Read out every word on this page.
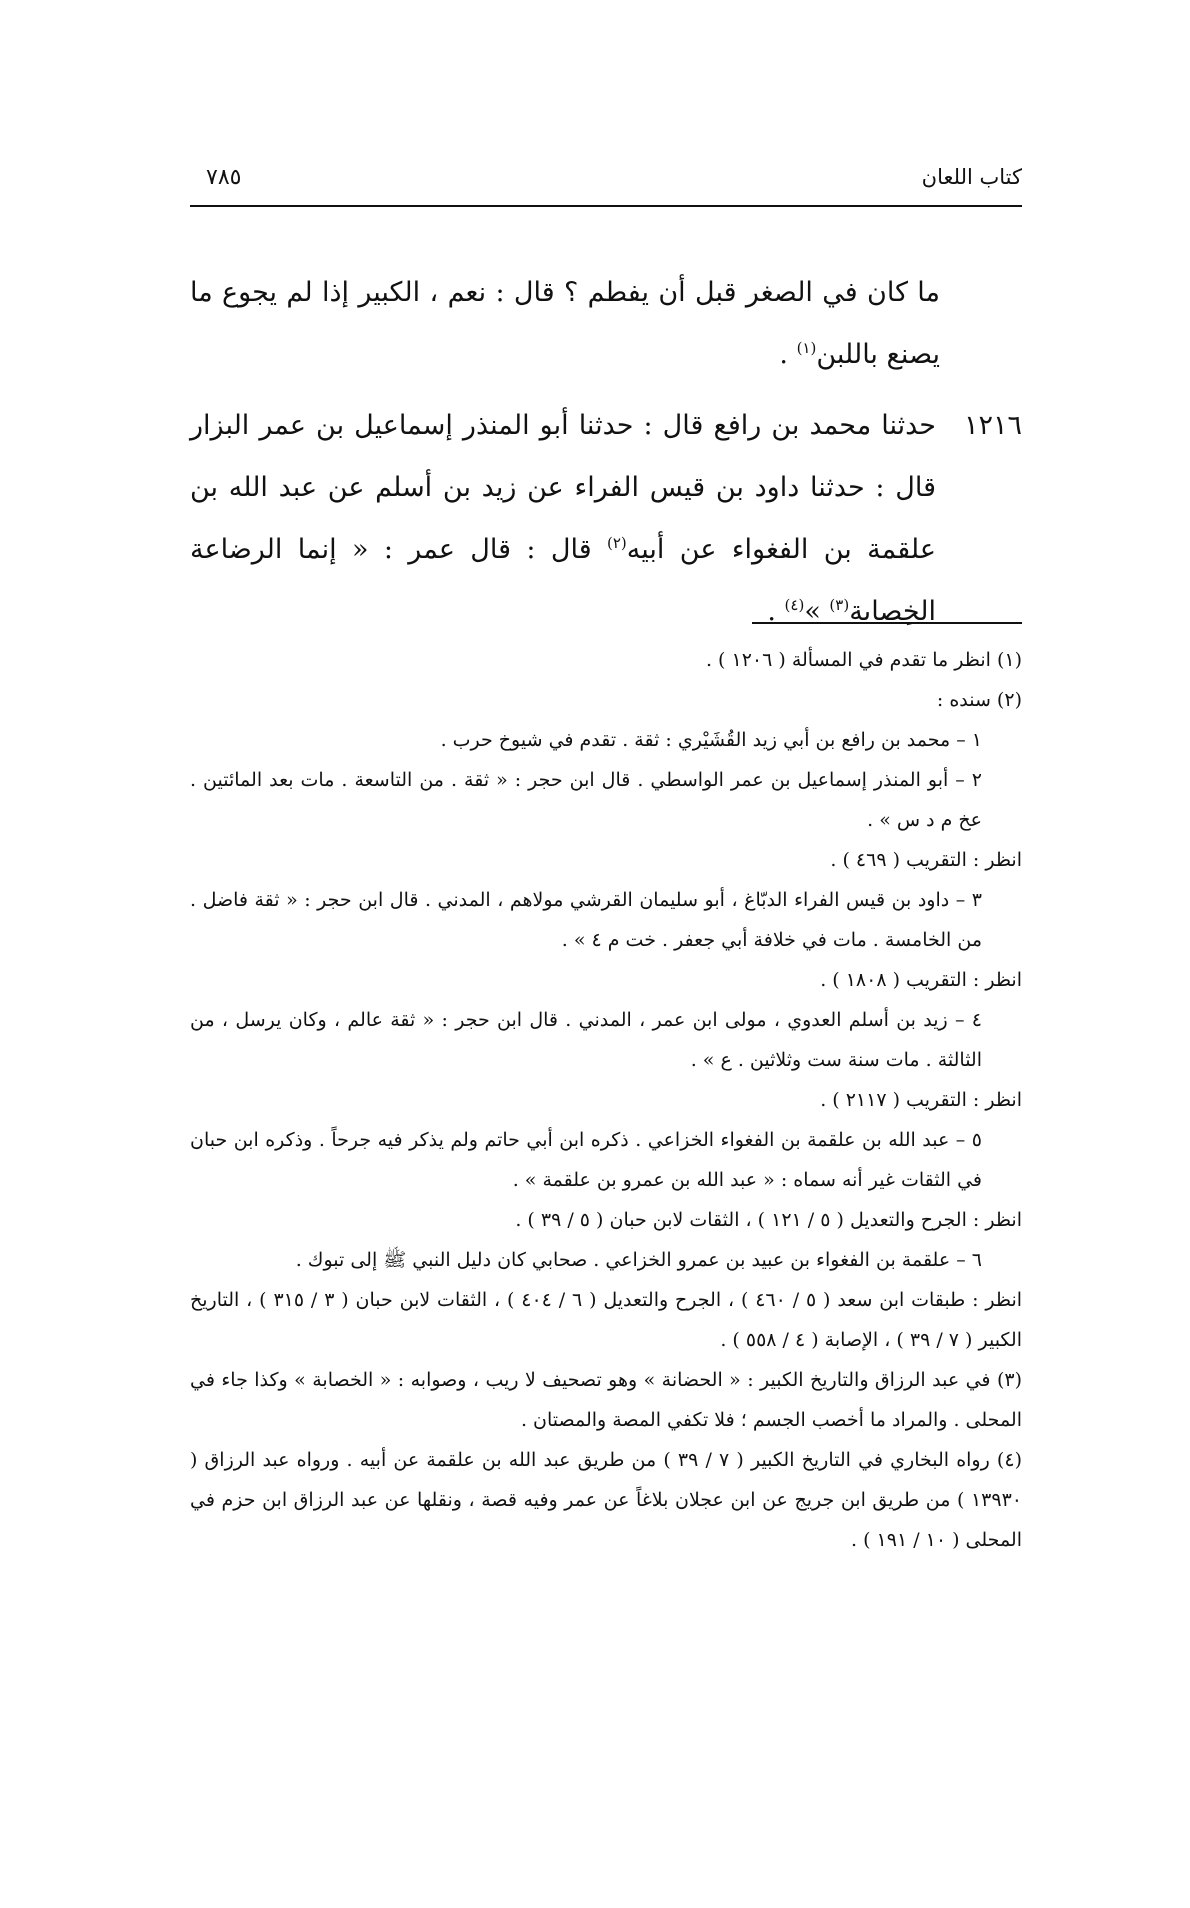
كتاب اللعان
٧٨٥

ما كان في الصغر قبل أن يفطم ؟ قال : نعم ، الكبير إذا لم يجوع ما يصنع باللبن$^{(١)}$ .

١٢١٦

حدثنا محمد بن رافع قال : حدثنا أبو المنذر إسماعيل بن عمر البزار قال : حدثنا داود بن قيس الفراء عن زيد بن أسلم عن عبد الله بن علقمة بن الفغواء عن أبيه$^{(٢)}$ قال : قال عمر : « إنما الرضاعة الخِصابة$^{(٣)}$ »$^{(٤)}$ .

(١) انظر ما تقدم في المسألة ( ١٢٠٦ ) .

(٢) سنده :

١ – محمد بن رافع بن أبي زيد القُشَيْري : ثقة . تقدم في شيوخ حرب .

٢ – أبو المنذر إسماعيل بن عمر الواسطي . قال ابن حجر : « ثقة . من التاسعة . مات بعد المائتين . عخ م د س » .

انظر : التقريب ( ٤٦٩ ) .

٣ – داود بن قيس الفراء الدبّاغ ، أبو سليمان القرشي مولاهم ، المدني . قال ابن حجر : « ثقة فاضل . من الخامسة . مات في خلافة أبي جعفر . خت م ٤ » .

انظر : التقريب ( ١٨٠٨ ) .

٤ – زيد بن أسلم العدوي ، مولى ابن عمر ، المدني . قال ابن حجر : « ثقة عالم ، وكان يرسل ، من الثالثة . مات سنة ست وثلاثين . ع » .

انظر : التقريب ( ٢١١٧ ) .

٥ – عبد الله بن علقمة بن الفغواء الخزاعي . ذكره ابن أبي حاتم ولم يذكر فيه جرحاً . وذكره ابن حبان في الثقات غير أنه سماه : « عبد الله بن عمرو بن علقمة » .

انظر : الجرح والتعديل ( ٥ / ١٢١ ) ، الثقات لابن حبان ( ٥ / ٣٩ ) .

٦ – علقمة بن الفغواء بن عبيد بن عمرو الخزاعي . صحابي كان دليل النبي ﷺ إلى تبوك .

انظر : طبقات ابن سعد ( ٥ / ٤٦٠ ) ، الجرح والتعديل ( ٦ / ٤٠٤ ) ، الثقات لابن حبان ( ٣ / ٣١٥ ) ، التاريخ الكبير ( ٧ / ٣٩ ) ، الإصابة ( ٤ / ٥٥٨ ) .

(٣) في عبد الرزاق والتاريخ الكبير : « الحضانة » وهو تصحيف لا ريب ، وصوابه : « الخصابة » وكذا جاء في المحلى . والمراد ما أخصب الجسم ؛ فلا تكفي المصة والمصتان .

(٤) رواه البخاري في التاريخ الكبير ( ٧ / ٣٩ ) من طريق عبد الله بن علقمة عن أبيه . ورواه عبد الرزاق ( ١٣٩٣٠ ) من طريق ابن جريج عن ابن عجلان بلاغاً عن عمر وفيه قصة ، ونقلها عن عبد الرزاق ابن حزم في المحلى ( ١٠ / ١٩١ ) .
